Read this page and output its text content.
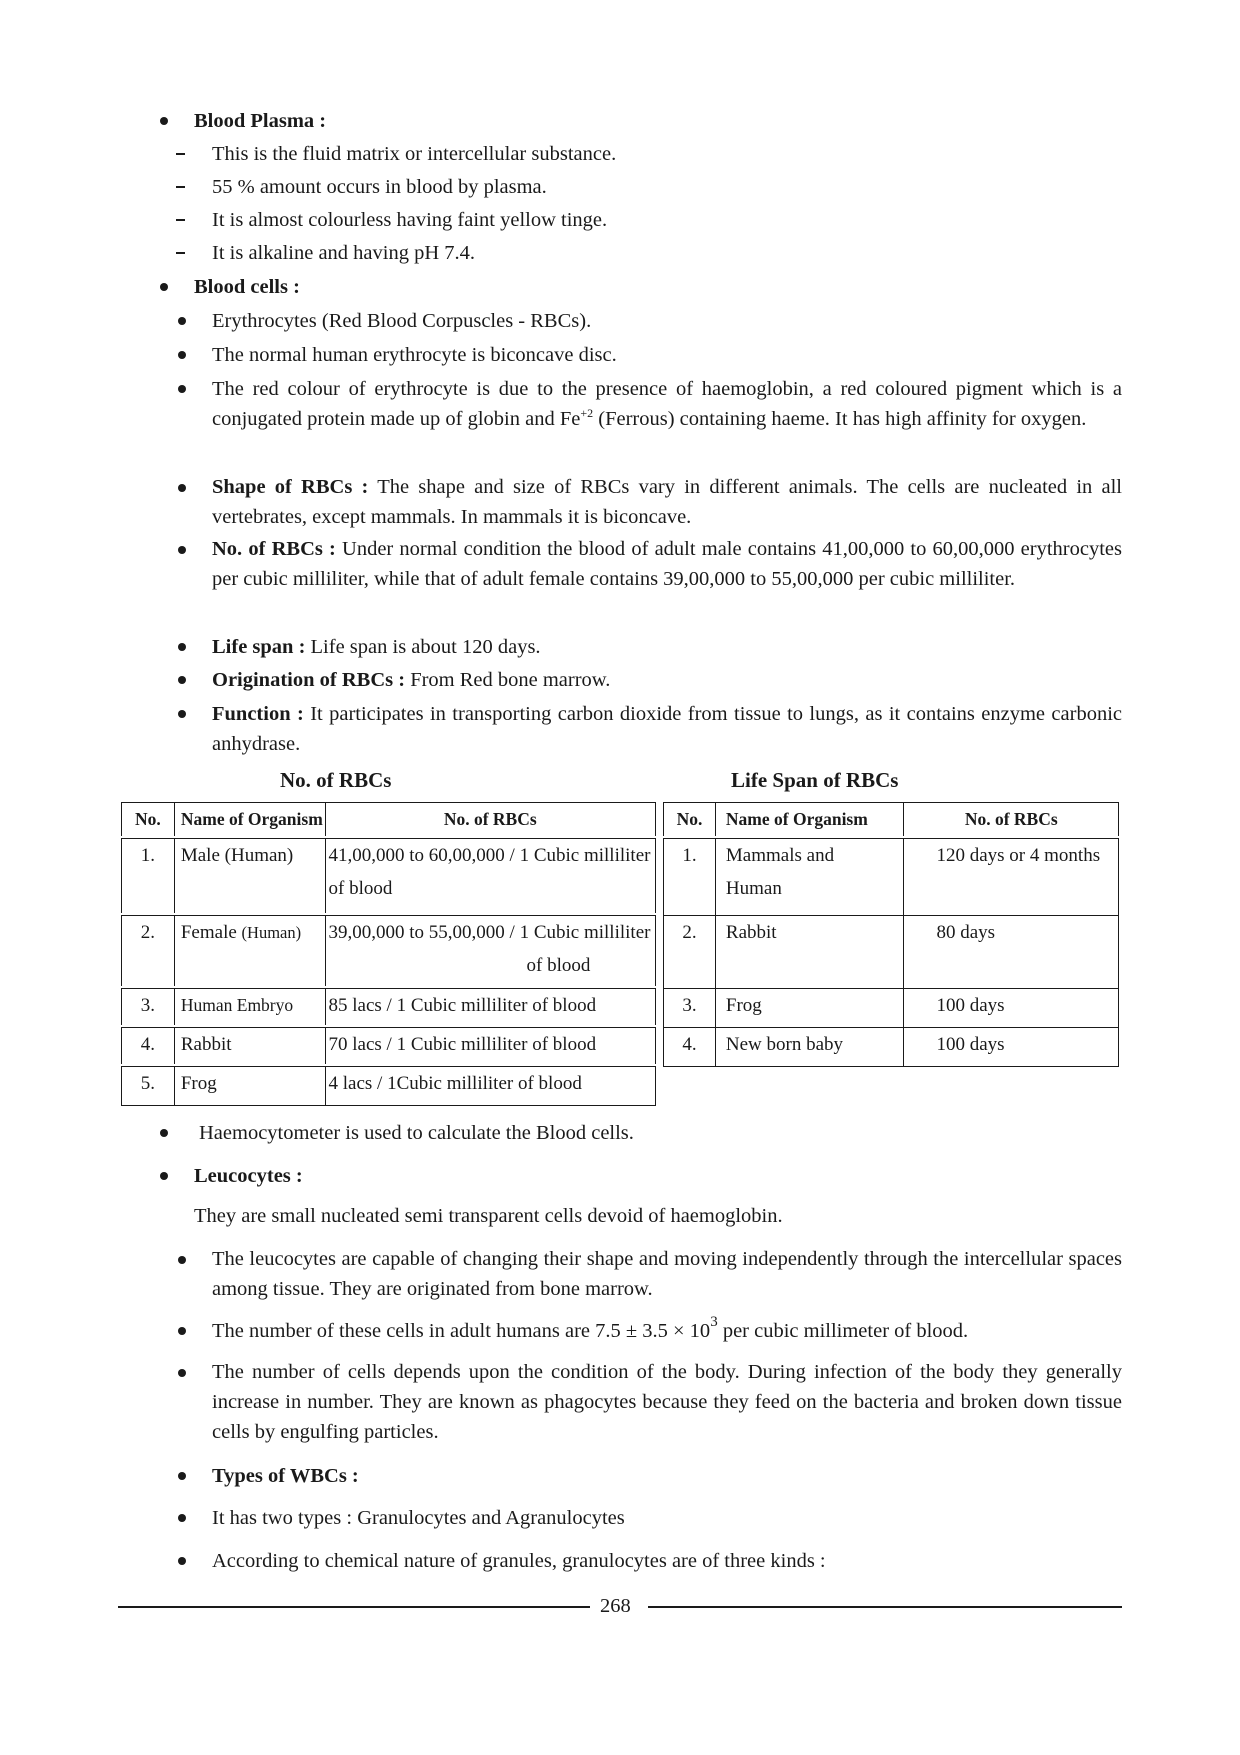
Blood Plasma :
This is the fluid matrix or intercellular substance.
55 % amount occurs in blood by plasma.
It is almost colourless having faint yellow tinge.
It is alkaline and having pH 7.4.
Blood cells :
Erythrocytes (Red Blood Corpuscles - RBCs).
The normal human erythrocyte is biconcave disc.
The red colour of erythrocyte is due to the presence of haemoglobin, a red coloured pigment which is a conjugated protein made up of globin and $Fe^{+2}$ (Ferrous) containing haeme. It has high affinity for oxygen.
Shape of RBCs : The shape and size of RBCs vary in different animals. The cells are nucleated in all vertebrates, except mammals. In mammals it is biconcave.
No. of RBCs : Under normal condition the blood of adult male contains 41,00,000 to 60,00,000 erythrocytes per cubic milliliter, while that of adult female contains 39,00,000 to 55,00,000 per cubic milliliter.
Life span : Life span is about 120 days.
Origination of RBCs : From Red bone marrow.
Function : It participates in transporting carbon dioxide from tissue to lungs, as it contains enzyme carbonic anhydrase.
No. of RBCs	Life Span of RBCs
No.	Name of Organism	No. of RBCs
1.	Male (Human)	41,00,000 to 60,00,000 / 1 Cubic milliliter
of blood
2.	Female (Human)	39,00,000 to 55,00,000 / 1 Cubic milliliter
of blood
3.	Human Embryo	85 lacs / 1 Cubic milliliter of blood
4.	Rabbit	70 lacs / 1 Cubic milliliter of blood
5.	Frog	4 lacs / 1Cubic milliliter of blood
No.	Name of Organism	No. of RBCs
1.	Mammals and
Human	120 days or 4 months
2.	Rabbit	80 days
3.	Frog	100 days
4.	New born baby	100 days
Haemocytometer is used to calculate the Blood cells.
Leucocytes :
They are small nucleated semi transparent cells devoid of haemoglobin.
The leucocytes are capable of changing their shape and moving independently through the intercellular spaces among tissue. They are originated from bone marrow.
The number of these cells in adult humans are $7.5 \pm 3.5 \times 10^3$ per cubic millimeter of blood.
The number of cells depends upon the condition of the body. During infection of the body they generally increase in number. They are known as phagocytes because they feed on the bacteria and broken down tissue cells by engulfing particles.
Types of WBCs :
It has two types : Granulocytes and Agranulocytes
According to chemical nature of granules, granulocytes are of three kinds :
268
